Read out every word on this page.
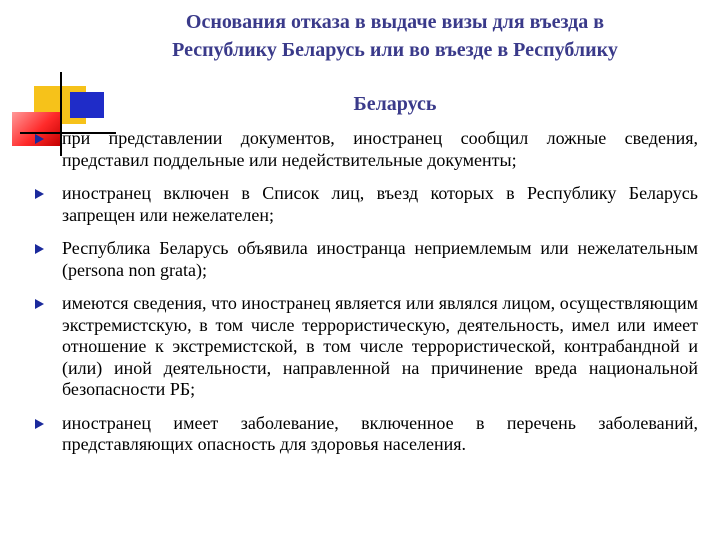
Основания отказа в выдаче визы для въезда в
Республику Беларусь или во въезде в Республику
Беларусь
при представлении документов, иностранец сообщил ложные сведения, представил поддельные или недействительные документы;
иностранец включен в Список лиц, въезд которых в Республику Беларусь запрещен или нежелателен;
Республика Беларусь объявила иностранца неприемлемым или нежелательным (persona non grata);
имеются сведения, что иностранец является или являлся лицом, осуществляющим экстремистскую, в том числе террористическую, деятельность, имел или имеет отношение к экстремистской, в том числе террористической, контрабандной и (или) иной деятельности, направленной на причинение вреда национальной безопасности РБ;
иностранец имеет заболевание, включенное в перечень заболеваний, представляющих опасность для здоровья населения.
